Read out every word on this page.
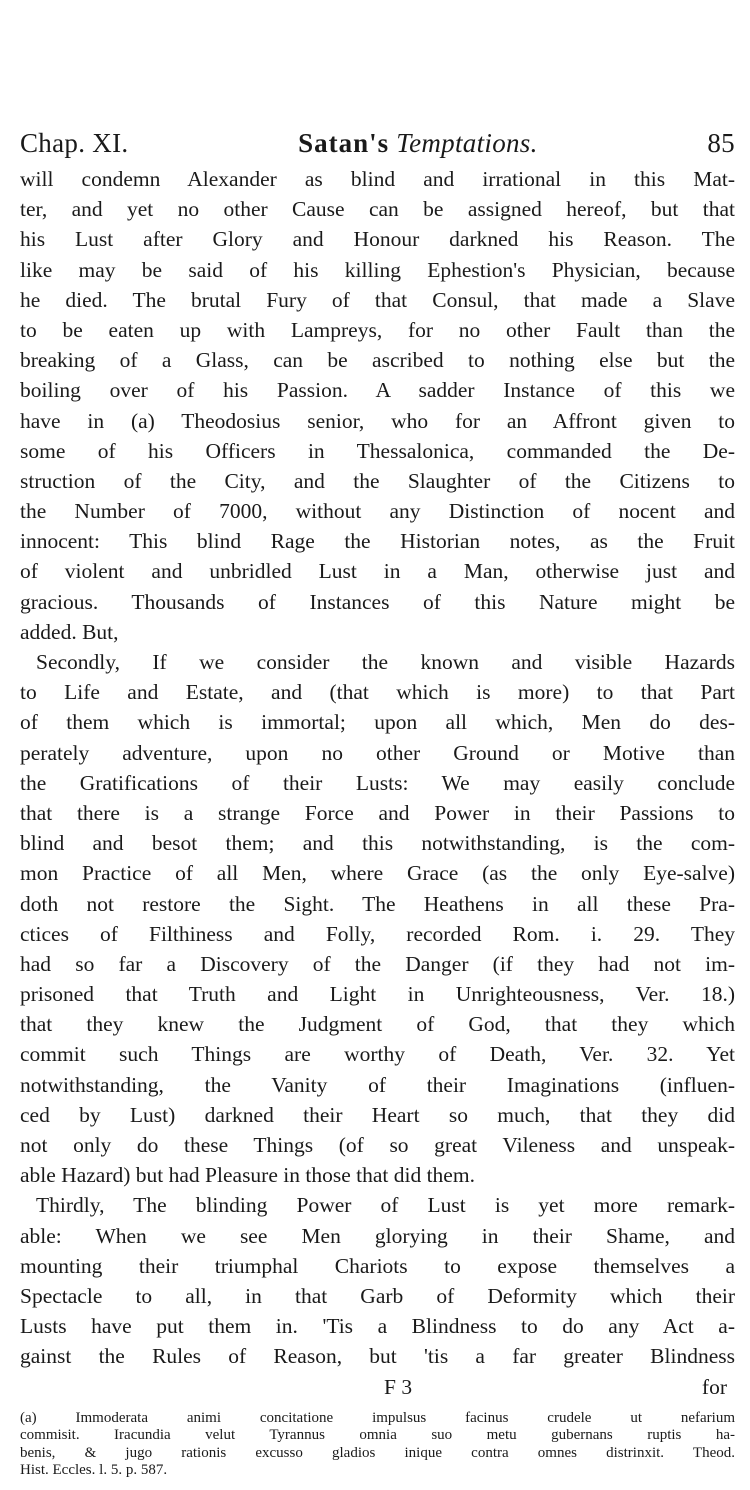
Chap. XI.	Satan's Temptations.	85
will condemn Alexander as blind and irrational in this Mat-
ter, and yet no other Cause can be assigned hereof, but that
his Lust after Glory and Honour darkned his Reason. The
like may be said of his killing Ephestion's Physician, because
he died. The brutal Fury of that Consul, that made a Slave
to be eaten up with Lampreys, for no other Fault than the
breaking of a Glass, can be ascribed to nothing else but the
boiling over of his Passion. A sadder Instance of this we
have in (a) Theodosius senior, who for an Affront given to
some of his Officers in Thessalonica, commanded the De-
struction of the City, and the Slaughter of the Citizens to
the Number of 7000, without any Distinction of nocent and
innocent: This blind Rage the Historian notes, as the Fruit
of violent and unbridled Lust in a Man, otherwise just and
gracious. Thousands of Instances of this Nature might be
added. But,
Secondly, If we consider the known and visible Hazards
to Life and Estate, and (that which is more) to that Part
of them which is immortal; upon all which, Men do des-
perately adventure, upon no other Ground or Motive than
the Gratifications of their Lusts: We may easily conclude
that there is a strange Force and Power in their Passions to
blind and besot them; and this notwithstanding, is the com-
mon Practice of all Men, where Grace (as the only Eye-salve)
doth not restore the Sight. The Heathens in all these Pra-
ctices of Filthiness and Folly, recorded Rom. i. 29. They
had so far a Discovery of the Danger (if they had not im-
prisoned that Truth and Light in Unrighteousness, Ver. 18.)
that they knew the Judgment of God, that they which
commit such Things are worthy of Death, Ver. 32. Yet
notwithstanding, the Vanity of their Imaginations (influen-
ced by Lust) darkned their Heart so much, that they did
not only do these Things (of so great Vileness and unspeak-
able Hazard) but had Pleasure in those that did them.
Thirdly, The blinding Power of Lust is yet more remark-
able: When we see Men glorying in their Shame, and
mounting their triumphal Chariots to expose themselves a
Spectacle to all, in that Garb of Deformity which their
Lusts have put them in. 'Tis a Blindness to do any Act a-
gainst the Rules of Reason, but 'tis a far greater Blindness
F 3	for
(a) Immoderata animi concitatione impulsus facinus crudele ut nefarium
commisit. Iracundia velut Tyrannus omnia suo metu gubernans ruptis ha-
benis, & jugo rationis excusso gladios inique contra omnes distrinxit. Theod.
Hist. Eccles. l. 5. p. 587.
